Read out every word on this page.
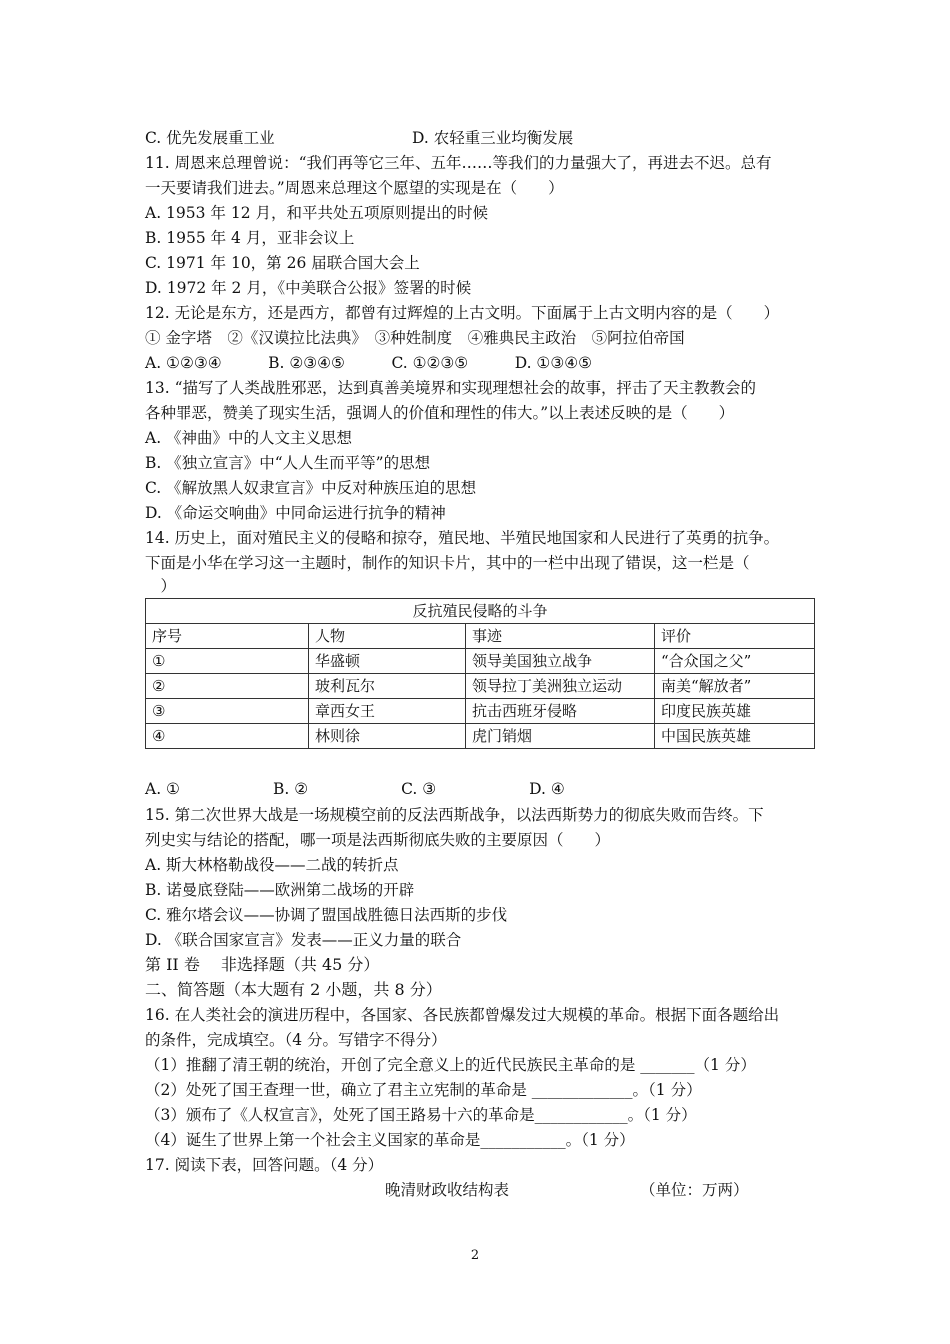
C. 优先发展重工业	D. 农轻重三业均衡发展
11. 周恩来总理曾说：“我们再等它三年、五年……等我们的力量强大了，再进去不迟。总有
一天要请我们进去。”周恩来总理这个愿望的实现是在（　　）
A. 1953 年 12 月，和平共处五项原则提出的时候
B. 1955 年 4 月，亚非会议上
C. 1971 年 10，第 26 届联合国大会上
D. 1972 年 2 月，《中美联合公报》签署的时候
12. 无论是东方，还是西方，都曾有过辉煌的上古文明。下面属于上古文明内容的是（　　）
① 金字塔　②《汉谟拉比法典》　③种姓制度　④雅典民主政治　⑤阿拉伯帝国
A. ①②③④　　　B. ②③④⑤　　　C. ①②③⑤　　　D. ①③④⑤
13. “描写了人类战胜邪恶，达到真善美境界和实现理想社会的故事，抨击了天主教教会的
各种罪恶，赞美了现实生活，强调人的价值和理性的伟大。”以上表述反映的是（　　）
A. 《神曲》中的人文主义思想
B. 《独立宣言》中“人人生而平等”的思想
C. 《解放黑人奴隶宣言》中反对种族压迫的思想
D. 《命运交响曲》中同命运进行抗争的精神
14. 历史上，面对殖民主义的侵略和掠夺，殖民地、半殖民地国家和人民进行了英勇的抗争。
下面是小华在学习这一主题时，制作的知识卡片，其中的一栏中出现了错误，这一栏是（
　）
反抗殖民侵略的斗争			
序号	人物	事迹	评价
①	华盛顿	领导美国独立战争	“合众国之父”
②	玻利瓦尔	领导拉丁美洲独立运动	南美“解放者”
③	章西女王	抗击西班牙侵略	印度民族英雄
④	林则徐	虎门销烟	中国民族英雄
A. ①　　　　　　B. ②　　　　　　C. ③　　　　　　D. ④
15. 第二次世界大战是一场规模空前的反法西斯战争，以法西斯势力的彻底失败而告终。下
列史实与结论的搭配，哪一项是法西斯彻底失败的主要原因（　　）
A. 斯大林格勒战役——二战的转折点
B. 诺曼底登陆——欧洲第二战场的开辟
C. 雅尔塔会议——协调了盟国战胜德日法西斯的步伐
D. 《联合国家宣言》发表——正义力量的联合
第 II 卷　 非选择题（共 45 分）
二、简答题（本大题有 2 小题，共 8 分）
16. 在人类社会的演进历程中，各国家、各民族都曾爆发过大规模的革命。根据下面各题给出
的条件，完成填空。（4 分。写错字不得分）
（1）推翻了清王朝的统治，开创了完全意义上的近代民族民主革命的是 _______（1 分）
（2）处死了国王查理一世，确立了君主立宪制的革命是 _____________。（1 分）
（3）颁布了《人权宣言》，处死了国王路易十六的革命是____________。（1 分）
（4）诞生了世界上第一个社会主义国家的革命是___________。（1 分）
17. 阅读下表，回答问题。（4 分）
晚清财政收结构表	（单位：万两）
2
